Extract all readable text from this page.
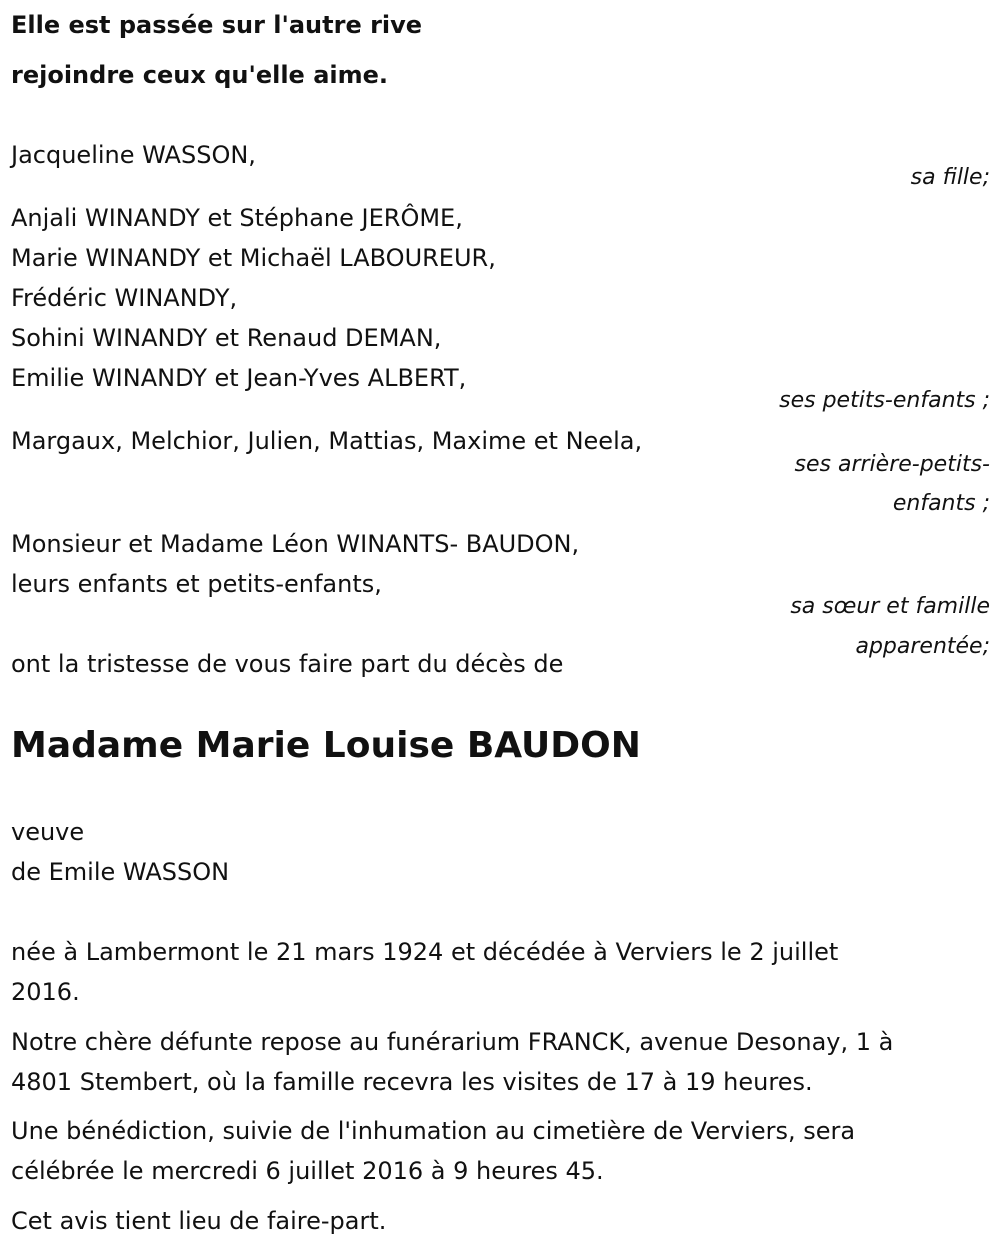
Elle est passée sur l'autre rive
rejoindre ceux qu'elle aime.
Jacqueline WASSON,
sa fille;
Anjali WINANDY et Stéphane JERÔME,
Marie WINANDY et Michaël LABOUREUR,
Frédéric WINANDY,
Sohini WINANDY et Renaud DEMAN,
Emilie WINANDY et Jean-Yves ALBERT,
ses petits-enfants ;
Margaux, Melchior, Julien, Mattias, Maxime et Neela,
ses arrière-petits-
enfants ;
Monsieur et Madame Léon WINANTS- BAUDON,
leurs enfants et petits-enfants,
sa sœur et famille
apparentée;
ont la tristesse de vous faire part du décès de
Madame Marie Louise BAUDON
veuve
de Emile WASSON
née à Lambermont le 21 mars 1924 et décédée à Verviers le 2 juillet
2016.
Notre chère défunte repose au funérarium FRANCK, avenue Desonay, 1 à
4801 Stembert, où la famille recevra les visites de 17 à 19 heures.
Une bénédiction, suivie de l'inhumation au cimetière de Verviers, sera
célébrée le mercredi 6 juillet 2016 à 9 heures 45.
Cet avis tient lieu de faire-part.
